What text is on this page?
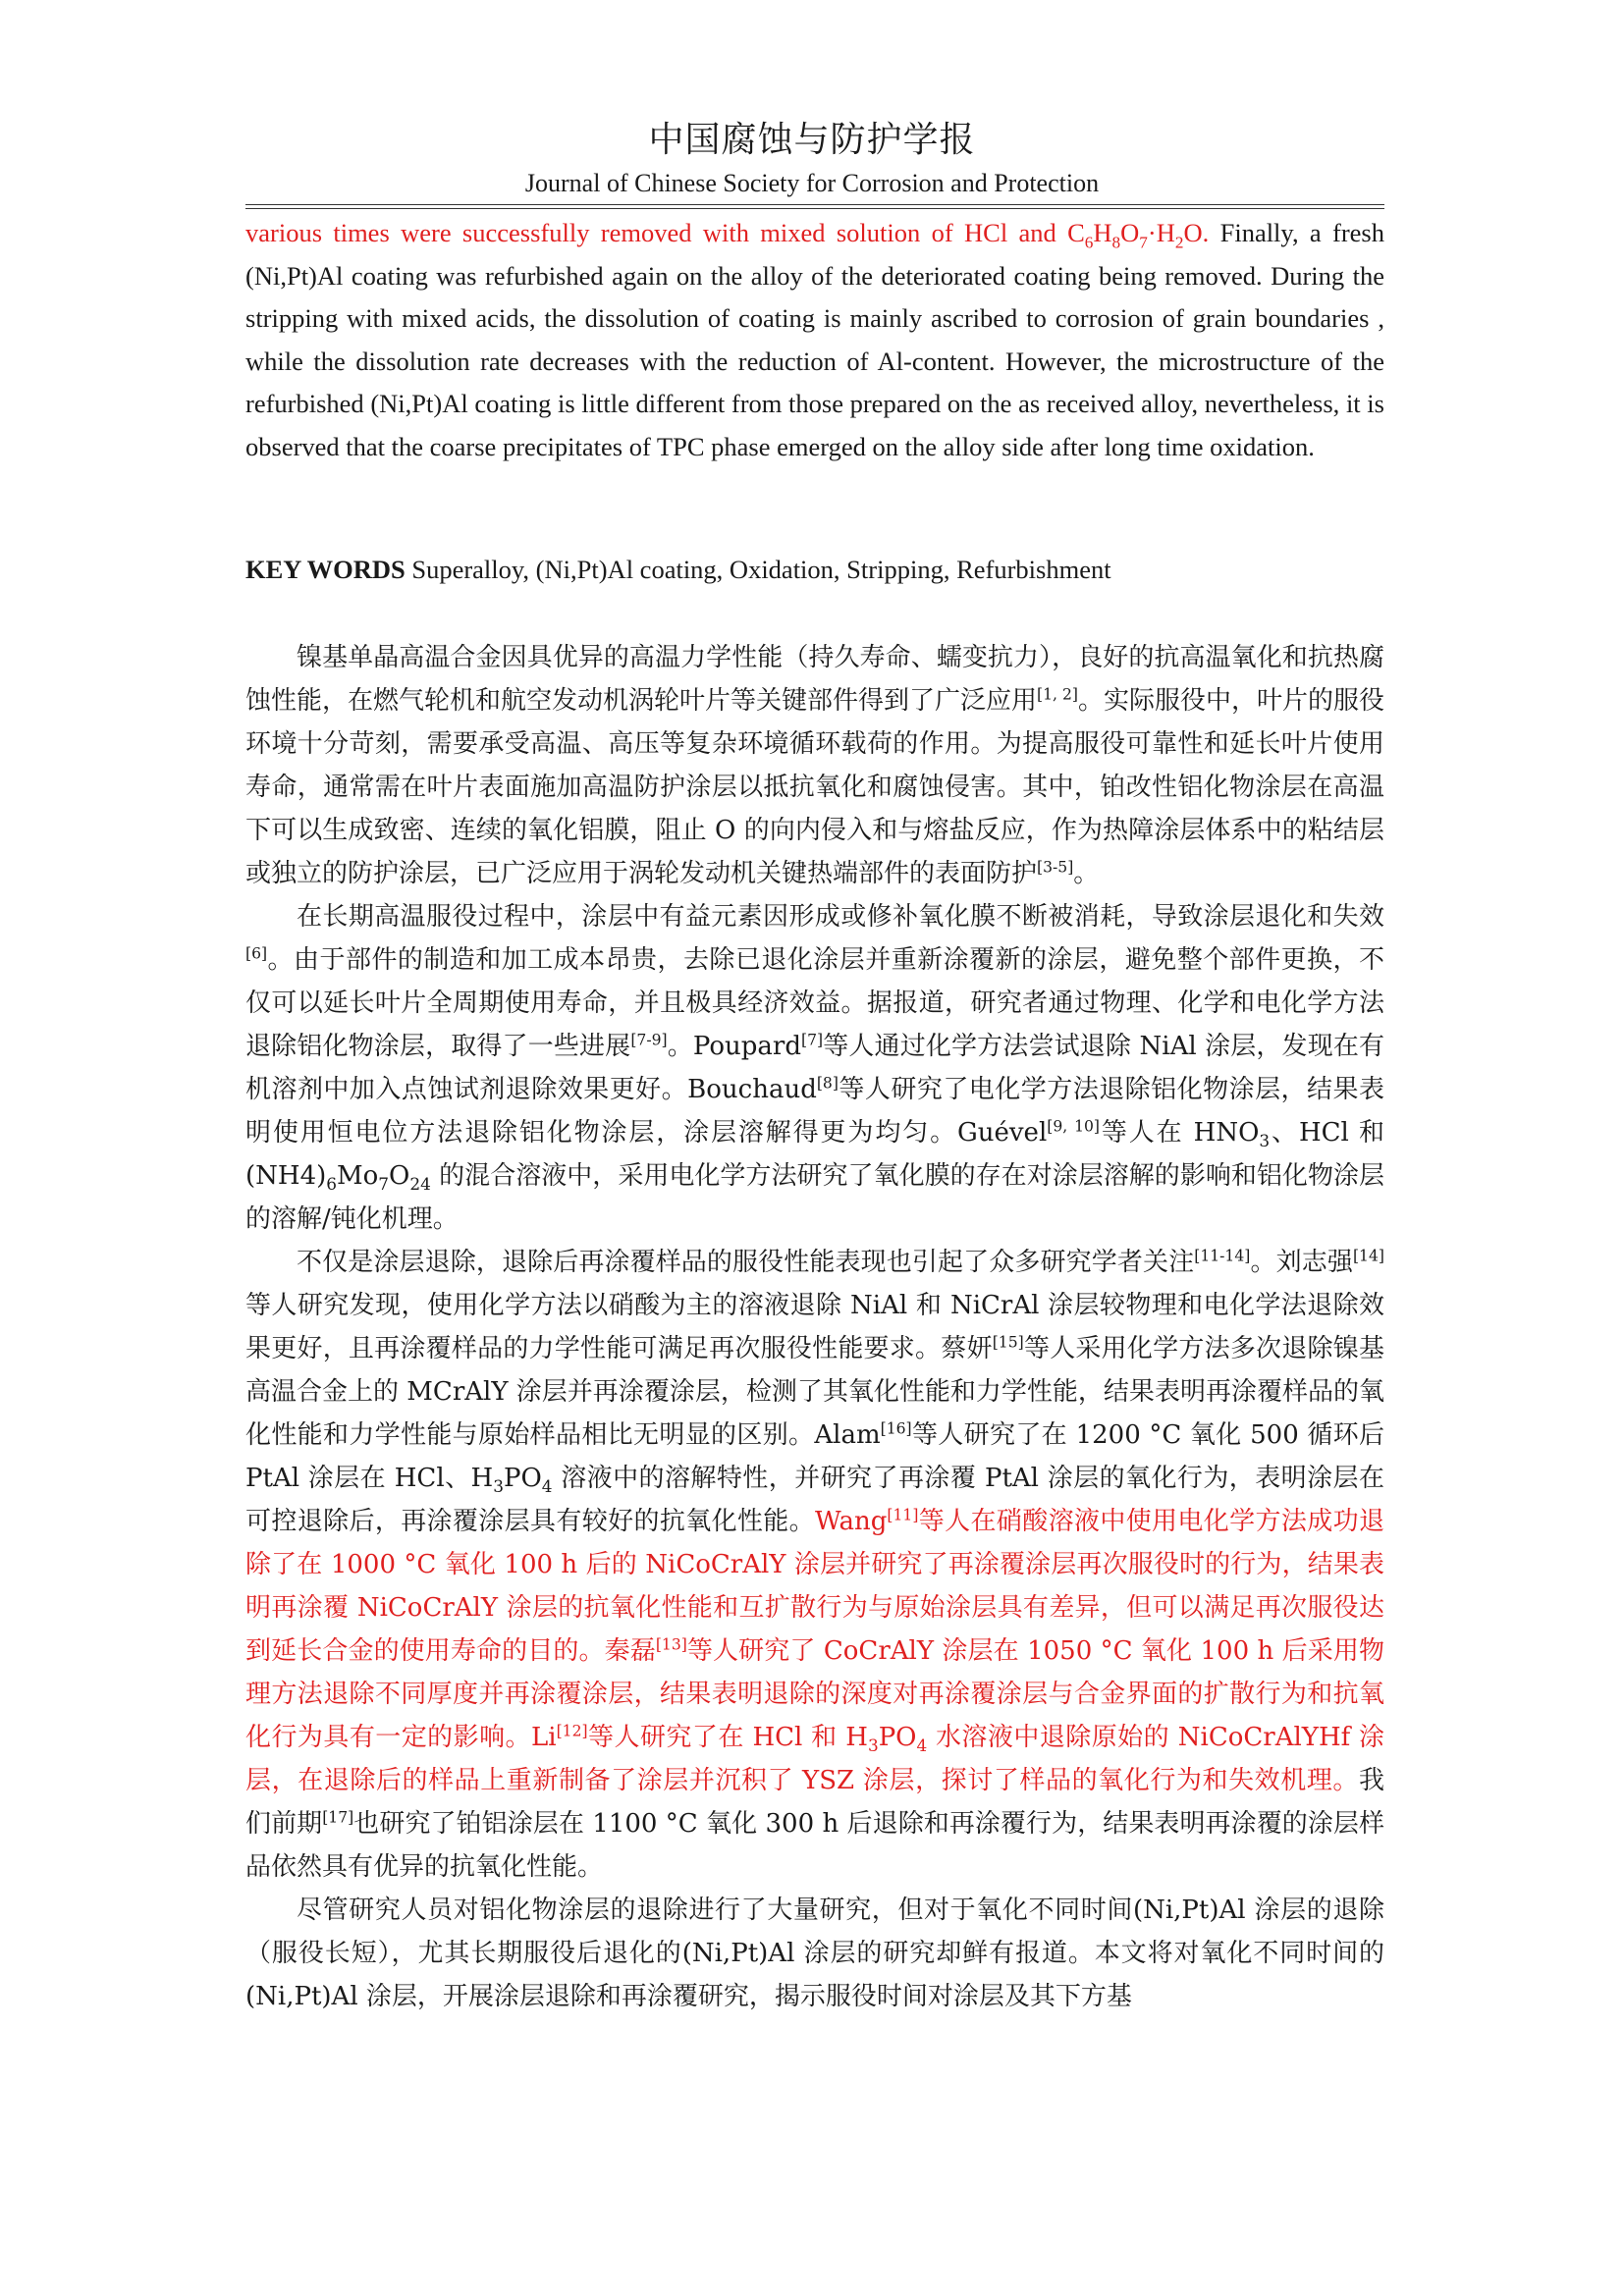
中国腐蚀与防护学报
Journal of Chinese Society for Corrosion and Protection
various times were successfully removed with mixed solution of HCl and $C_6H_8O_7\cdot H_2O$. Finally, a fresh (Ni,Pt)Al coating was refurbished again on the alloy of the deteriorated coating being removed. During the stripping with mixed acids, the dissolution of coating is mainly ascribed to corrosion of grain boundaries , while the dissolution rate decreases with the reduction of Al-content. However, the microstructure of the refurbished (Ni,Pt)Al coating is little different from those prepared on the as received alloy, nevertheless, it is observed that the coarse precipitates of TPC phase emerged on the alloy side after long time oxidation.
KEY WORDS Superalloy, (Ni,Pt)Al coating, Oxidation, Stripping, Refurbishment

镍基单晶高温合金因具优异的高温力学性能（持久寿命、蠕变抗力），良好的抗高温氧化和抗热腐蚀性能，在燃气轮机和航空发动机涡轮叶片等关键部件得到了广泛应用[1, 2]。实际服役中，叶片的服役环境十分苛刻，需要承受高温、高压等复杂环境循环载荷的作用。为提高服役可靠性和延长叶片使用寿命，通常需在叶片表面施加高温防护涂层以抵抗氧化和腐蚀侵害。其中，铂改性铝化物涂层在高温下可以生成致密、连续的氧化铝膜，阻止 O 的向内侵入和与熔盐反应，作为热障涂层体系中的粘结层或独立的防护涂层，已广泛应用于涡轮发动机关键热端部件的表面防护[3-5]。

在长期高温服役过程中，涂层中有益元素因形成或修补氧化膜不断被消耗，导致涂层退化和失效[6]。由于部件的制造和加工成本昂贵，去除已退化涂层并重新涂覆新的涂层，避免整个部件更换，不仅可以延长叶片全周期使用寿命，并且极具经济效益。据报道，研究者通过物理、化学和电化学方法退除铝化物涂层，取得了一些进展[7-9]。Poupard[7]等人通过化学方法尝试退除 NiAl 涂层，发现在有机溶剂中加入点蚀试剂退除效果更好。Bouchaud[8]等人研究了电化学方法退除铝化物涂层，结果表明使用恒电位方法退除铝化物涂层，涂层溶解得更为均匀。Guével[9, 10]等人在 $HNO_3$、HCl 和$(NH4)_6Mo_7O_{24}$ 的混合溶液中，采用电化学方法研究了氧化膜的存在对涂层溶解的影响和铝化物涂层的溶解/钝化机理。

不仅是涂层退除，退除后再涂覆样品的服役性能表现也引起了众多研究学者关注[11-14]。刘志强[14]等人研究发现，使用化学方法以硝酸为主的溶液退除 NiAl 和 NiCrAl 涂层较物理和电化学法退除效果更好，且再涂覆样品的力学性能可满足再次服役性能要求。蔡妍[15]等人采用化学方法多次退除镍基高温合金上的 MCrAlY 涂层并再涂覆涂层，检测了其氧化性能和力学性能，结果表明再涂覆样品的氧化性能和力学性能与原始样品相比无明显的区别。Alam[16]等人研究了在 1200 °C 氧化 500 循环后 PtAl 涂层在 HCl、$H_3PO_4$ 溶液中的溶解特性，并研究了再涂覆 PtAl 涂层的氧化行为，表明涂层在可控退除后，再涂覆涂层具有较好的抗氧化性能。Wang[11]等人在硝酸溶液中使用电化学方法成功退除了在 1000 °C 氧化 100 h 后的 NiCoCrAlY 涂层并研究了再涂覆涂层再次服役时的行为，结果表明再涂覆 NiCoCrAlY 涂层的抗氧化性能和互扩散行为与原始涂层具有差异，但可以满足再次服役达到延长合金的使用寿命的目的。秦磊[13]等人研究了 CoCrAlY 涂层在 1050 °C 氧化 100 h 后采用物理方法退除不同厚度并再涂覆涂层，结果表明退除的深度对再涂覆涂层与合金界面的扩散行为和抗氧化行为具有一定的影响。Li[12]等人研究了在 HCl 和 $H_3PO_4$ 水溶液中退除原始的 NiCoCrAlYHf 涂层，在退除后的样品上重新制备了涂层并沉积了 YSZ 涂层，探讨了样品的氧化行为和失效机理。我们前期[17]也研究了铂铝涂层在 1100 °C 氧化 300 h 后退除和再涂覆行为，结果表明再涂覆的涂层样品依然具有优异的抗氧化性能。

尽管研究人员对铝化物涂层的退除进行了大量研究，但对于氧化不同时间(Ni,Pt)Al 涂层的退除（服役长短），尤其长期服役后退化的(Ni,Pt)Al 涂层的研究却鲜有报道。本文将对氧化不同时间的(Ni,Pt)Al 涂层，开展涂层退除和再涂覆研究，揭示服役时间对涂层及其下方基
